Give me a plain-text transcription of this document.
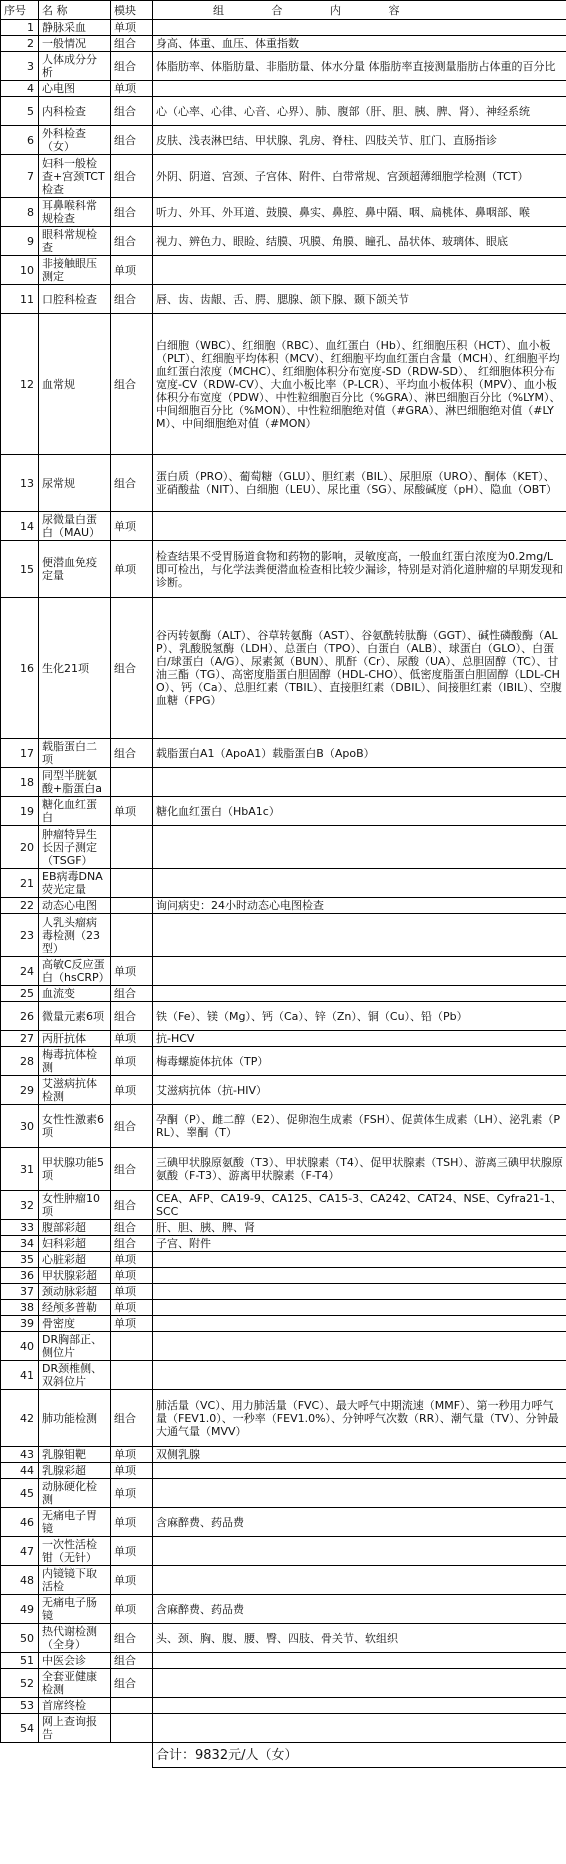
序号	名 称	模块	组 合 内 容
1	静脉采血	单项	
2	一般情况	组合	身高、体重、血压、体重指数
3	人体成分分析	组合	体脂肪率、体脂肪量、非脂肪量、体水分量 体脂肪率直接测量脂肪占体重的百分比
4	心电图	单项	
5	内科检查	组合	心（心率、心律、心音、心界）、肺、腹部（肝、胆、胰、脾、肾）、神经系统
6	外科检查（女）	组合	皮肤、浅表淋巴结、甲状腺、乳房、脊柱、四肢关节、肛门、直肠指诊
7	妇科一般检查+宫颈TCT检查	组合	外阴、阴道、宫颈、子宫体、附件、白带常规、宫颈超薄细胞学检测（TCT）
8	耳鼻喉科常规检查	组合	听力、外耳、外耳道、鼓膜、鼻实、鼻腔、鼻中隔、咽、扁桃体、鼻咽部、喉
9	眼科常规检查	组合	视力、辨色力、眼睑、结膜、巩膜、角膜、瞳孔、晶状体、玻璃体、眼底
10	非接触眼压测定	单项	
11	口腔科检查	组合	唇、齿、齿龈、舌、腭、腮腺、颌下腺、颞下颌关节
12	血常规	组合	白细胞（WBC）、红细胞（RBC）、血红蛋白（Hb）、红细胞压积（HCT）、血小板（PLT）、红细胞平均体积（MCV）、红细胞平均血红蛋白含量（MCH）、红细胞平均血红蛋白浓度（MCHC）、红细胞体积分布宽度-SD（RDW-SD）、 红细胞体积分布宽度-CV（RDW-CV）、大血小板比率（P-LCR）、平均血小板体积（MPV）、血小板体积分布宽度（PDW）、中性粒细胞百分比（%GRA）、淋巴细胞百分比（%LYM）、中间细胞百分比（%MON）、中性粒细胞绝对值（#GRA）、淋巴细胞绝对值（#LYM）、中间细胞绝对值（#MON）
13	尿常规	组合	蛋白质（PRO）、葡萄糖（GLU）、胆红素（BIL）、尿胆原（URO）、酮体（KET）、亚硝酸盐（NIT）、白细胞（LEU）、尿比重（SG）、尿酸碱度（pH）、隐血（OBT）
14	尿微量白蛋白（MAU）	单项	
15	便潜血免疫定量	单项	检查结果不受胃肠道食物和药物的影响，灵敏度高，一般血红蛋白浓度为0.2mg/L 即可检出，与化学法粪便潜血检查相比较少漏诊，特别是对消化道肿瘤的早期发现和诊断。
16	生化21项	组合	谷丙转氨酶（ALT）、谷草转氨酶（AST）、谷氨酰转肽酶（GGT）、碱性磷酸酶（ALP）、乳酸脱氢酶（LDH）、总蛋白（TPO）、白蛋白（ALB）、球蛋白（GLO）、白蛋白/球蛋白（A/G）、尿素氮（BUN）、肌酐（Cr）、尿酸（UA）、总胆固醇（TC）、甘油三酯（TG）、高密度脂蛋白胆固醇（HDL-CHO）、低密度脂蛋白胆固醇（LDL-CHO）、钙（Ca）、总胆红素（TBIL）、直接胆红素（DBIL）、间接胆红素（IBIL）、空腹血糖（FPG）
17	载脂蛋白二项	组合	载脂蛋白A1（ApoA1）载脂蛋白B（ApoB）
18	同型半胱氨酸+脂蛋白a		
19	糖化血红蛋白	单项	糖化血红蛋白（HbA1c）
20	肿瘤特异生长因子测定（TSGF）		
21	EB病毒DNA荧光定量		
22	动态心电图		询问病史：24小时动态心电图检查
23	人乳头瘤病毒检测（23型）		
24	高敏C反应蛋白（hsCRP）	单项	
25	血流变	组合	
26	微量元素6项	组合	铁（Fe）、镁（Mg）、钙（Ca）、锌（Zn）、铜（Cu）、铅（Pb）
27	丙肝抗体	单项	抗-HCV
28	梅毒抗体检测	单项	梅毒螺旋体抗体（TP）
29	艾滋病抗体检测	单项	艾滋病抗体（抗-HIV）
30	女性性激素6项	组合	孕酮（P）、雌二醇（E2）、促卵泡生成素（FSH）、促黄体生成素（LH）、泌乳素（PRL）、睾酮（T）
31	甲状腺功能5项	组合	三碘甲状腺原氨酸（T3）、甲状腺素（T4）、促甲状腺素（TSH）、游离三碘甲状腺原氨酸（F-T3）、游离甲状腺素（F-T4）
32	女性肿瘤10项	组合	CEA、AFP、CA19-9、CA125、CA15-3、CA242、CAT24、NSE、Cyfra21-1、SCC
33	腹部彩超	组合	肝、胆、胰、脾、肾
34	妇科彩超	组合	子宫、附件
35	心脏彩超	单项	
36	甲状腺彩超	单项	
37	颈动脉彩超	单项	
38	经颅多普勒	单项	
39	骨密度	单项	
40	DR胸部正、侧位片		
41	DR颈椎侧、双斜位片		
42	肺功能检测	组合	肺活量（VC）、用力肺活量（FVC）、最大呼气中期流速（MMF）、第一秒用力呼气量（FEV1.0）、一秒率（FEV1.0%）、分钟呼气次数（RR）、潮气量（TV）、分钟最大通气量（MVV）
43	乳腺钼靶	单项	双侧乳腺
44	乳腺彩超	单项	
45	动脉硬化检测	单项	
46	无痛电子胃镜	单项	含麻醉费、药品费
47	一次性活检钳（无针）	单项	
48	内镜镜下取活检	单项	
49	无痛电子肠镜	单项	含麻醉费、药品费
50	热代谢检测（全身）	组合	头、颈、胸、腹、腰、臀、四肢、骨关节、软组织
51	中医会诊	组合	
52	全套亚健康检测	组合	
53	首席终检		
54	网上查询报告		
			合计：9832元/人（女）
